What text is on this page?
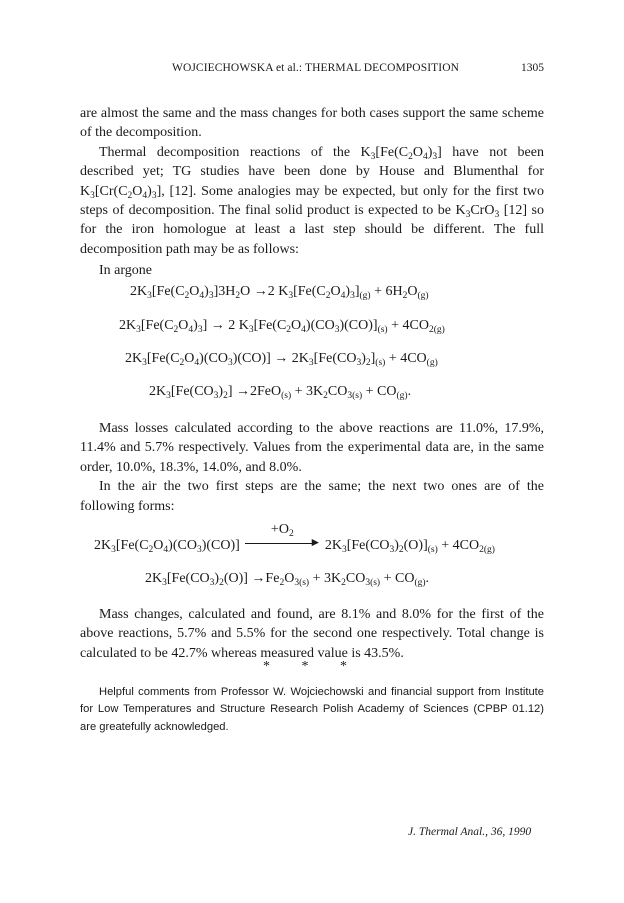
WOJCIECHOWSKA et al.: THERMAL DECOMPOSITION	1305

are almost the same and the mass changes for both cases support the same scheme of the decomposition.

Thermal decomposition reactions of the $K_3[Fe(C_2O_4)_3]$ have not been described yet; TG studies have been done by House and Blumenthal for $K_3[Cr(C_2O_4)_3]$, [12]. Some analogies may be expected, but only for the first two steps of decomposition. The final solid product is expected to be $K_3CrO_3$ [12] so for the iron homologue at least a last step should be different. The full decomposition path may be as follows:

In argone
$2K_3[Fe(C_2O_4)_3]3H_2O \to 2$ $K_3[Fe(C_2O_4)_3]_{(g)} + 6H_2O_{(g)}$
$2K_3[Fe(C_2O_4)_3] \to 2$ $K_3[Fe(C_2O_4)(CO_3)(CO)]_{(s)} + 4CO_{2(g)}$
$2K_3[Fe(C_2O_4)(CO_3)(CO)] \to 2K_3[Fe(CO_3)_2]_{(s)} + 4CO_{(g)}$
$2K_3[Fe(CO_3)_2] \to 2FeO_{(s)} + 3K_2CO_{3(s)} + CO_{(g)}$.

Mass losses calculated according to the above reactions are 11.0%, 17.9%, 11.4% and 5.7% respectively. Values from the experimental data are, in the same order, 10.0%, 18.3%, 14.0%, and 8.0%.

In the air the two first steps are the same; the next two ones are of the following forms:

$2K_3[Fe(C_2O_4)(CO_3)(CO)]$
$+O_2$
► $2K_3[Fe(CO_3)_2(O)]_{(s)} + 4CO_{2(g)}$
$2K_3[Fe(CO_3)_2(O)] \to Fe_2O_{3(s)} + 3K_2CO_{3(s)} + CO_{(g)}$.

Mass changes, calculated and found, are 8.1% and 8.0% for the first of the above reactions, 5.7% and 5.5% for the second one respectively. Total change is calculated to be 42.7% whereas measured value is 43.5%.

* * *
Helpful comments from Professor W. Wojciechowski and financial support from Institute for Low Temperatures and Structure Research Polish Academy of Sciences (CPBP 01.12) are greatefully acknowledged.
J. Thermal Anal., 36, 1990
